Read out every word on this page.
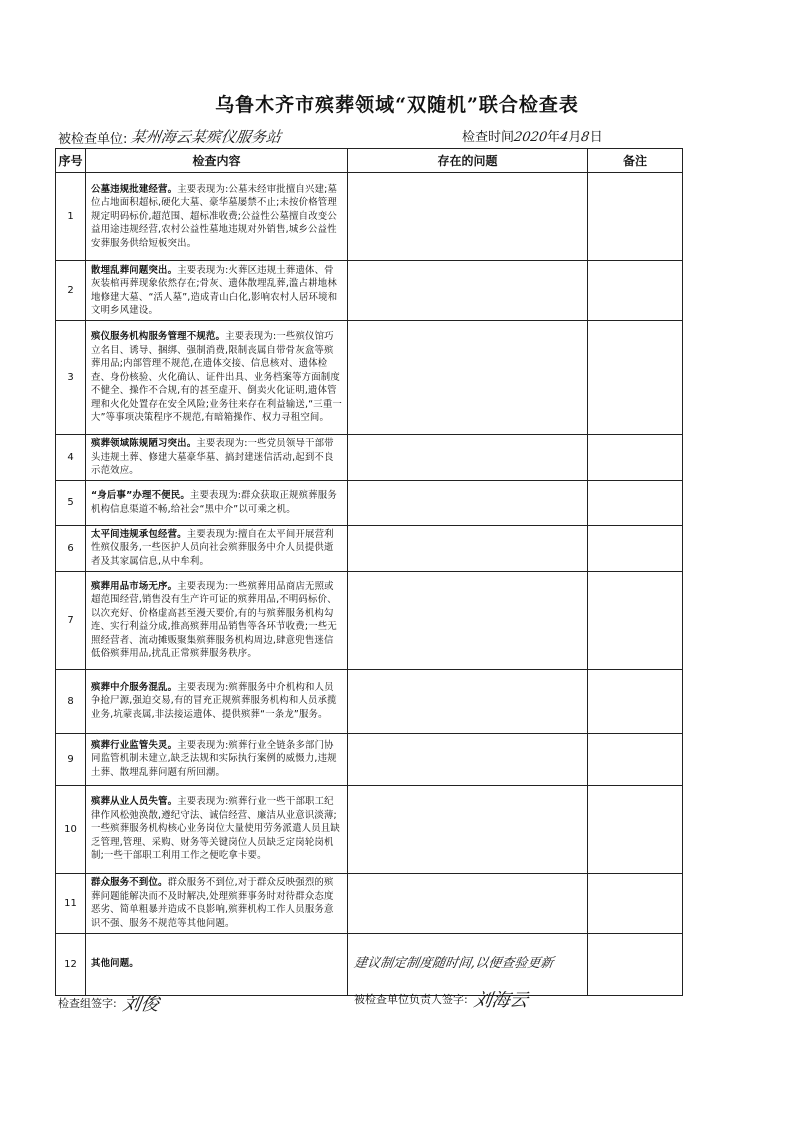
乌鲁木齐市殡葬领域“双随机”联合检查表
被检查单位: 某州海云某殡仪服务站	检查时间
2020
年
4
月
8
日
序号	检查内容	存在的问题	备注
1	公墓违规批建经营。主要表现为:公墓未经审批擅自兴建;墓位占地面积超标,硬化大墓、豪华墓屡禁不止;未按价格管理规定明码标价,超范围、超标准收费;公益性公墓擅自改变公益用途违规经营,农村公益性墓地违规对外销售,城乡公益性安葬服务供给短板突出。		

2	散埋乱葬问题突出。主要表现为:火葬区违规土葬遗体、骨灰装棺再葬现象依然存在;骨灰、遗体散埋乱葬,滥占耕地林地修建大墓、“活人墓”,造成青山白化,影响农村人居环境和文明乡风建设。		

3	殡仪服务机构服务管理不规范。主要表现为:一些殡仪馆巧立名目、诱导、捆绑、强制消费,限制丧属自带骨灰盒等殡葬用品;内部管理不规范,在遗体交接、信息核对、遗体检查、身份核验、火化确认、证件出具、业务档案等方面制度不健全、操作不合规,有的甚至虚开、倒卖火化证明,遗体管理和火化处置存在安全风险;业务往来存在利益输送,“三重一大”等事项决策程序不规范,有暗箱操作、权力寻租空间。		

4	殡葬领域陈规陋习突出。主要表现为:一些党员领导干部带头违规土葬、修建大墓豪华墓、搞封建迷信活动,起到不良示范效应。		

5	“身后事”办理不便民。主要表现为:群众获取正规殡葬服务机构信息渠道不畅,给社会“黑中介”以可乘之机。		

6	太平间违规承包经营。主要表现为:擅自在太平间开展营利性殡仪服务,一些医护人员向社会殡葬服务中介人员提供逝者及其家属信息,从中牟利。		

7	殡葬用品市场无序。主要表现为:一些殡葬用品商店无照或超范围经营,销售没有生产许可证的殡葬用品,不明码标价、以次充好、价格虚高甚至漫天要价,有的与殡葬服务机构勾连、实行利益分成,推高殡葬用品销售等各环节收费;一些无照经营者、流动摊贩聚集殡葬服务机构周边,肆意兜售迷信低俗殡葬用品,扰乱正常殡葬服务秩序。		

8	殡葬中介服务混乱。主要表现为:殡葬服务中介机构和人员争抢尸源,强迫交易,有的冒充正规殡葬服务机构和人员承揽业务,坑蒙丧属,非法接运遗体、提供殡葬“一条龙”服务。		

9	殡葬行业监管失灵。主要表现为:殡葬行业全链条多部门协同监管机制未建立,缺乏法规和实际执行案例的威慑力,违规土葬、散埋乱葬问题有所回潮。		

10	殡葬从业人员失管。主要表现为:殡葬行业一些干部职工纪律作风松弛涣散,遵纪守法、诚信经营、廉洁从业意识淡薄;一些殡葬服务机构核心业务岗位大量使用劳务派遣人员且缺乏管理,管理、采购、财务等关键岗位人员缺乏定岗轮岗机制;一些干部职工利用工作之便吃拿卡要。		

11	群众服务不到位。群众服务不到位,对于群众反映强烈的殡葬问题能解决而不及时解决,处理殡葬事务时对待群众态度恶劣、简单粗暴并造成不良影响,殡葬机构工作人员服务意识不强、服务不规范等其他问题。		

12	其他问题。	建议制定制度随时间,以便查验更新	
检查组签字: 刘俊	被检查单位负责人签字: 刘海云
